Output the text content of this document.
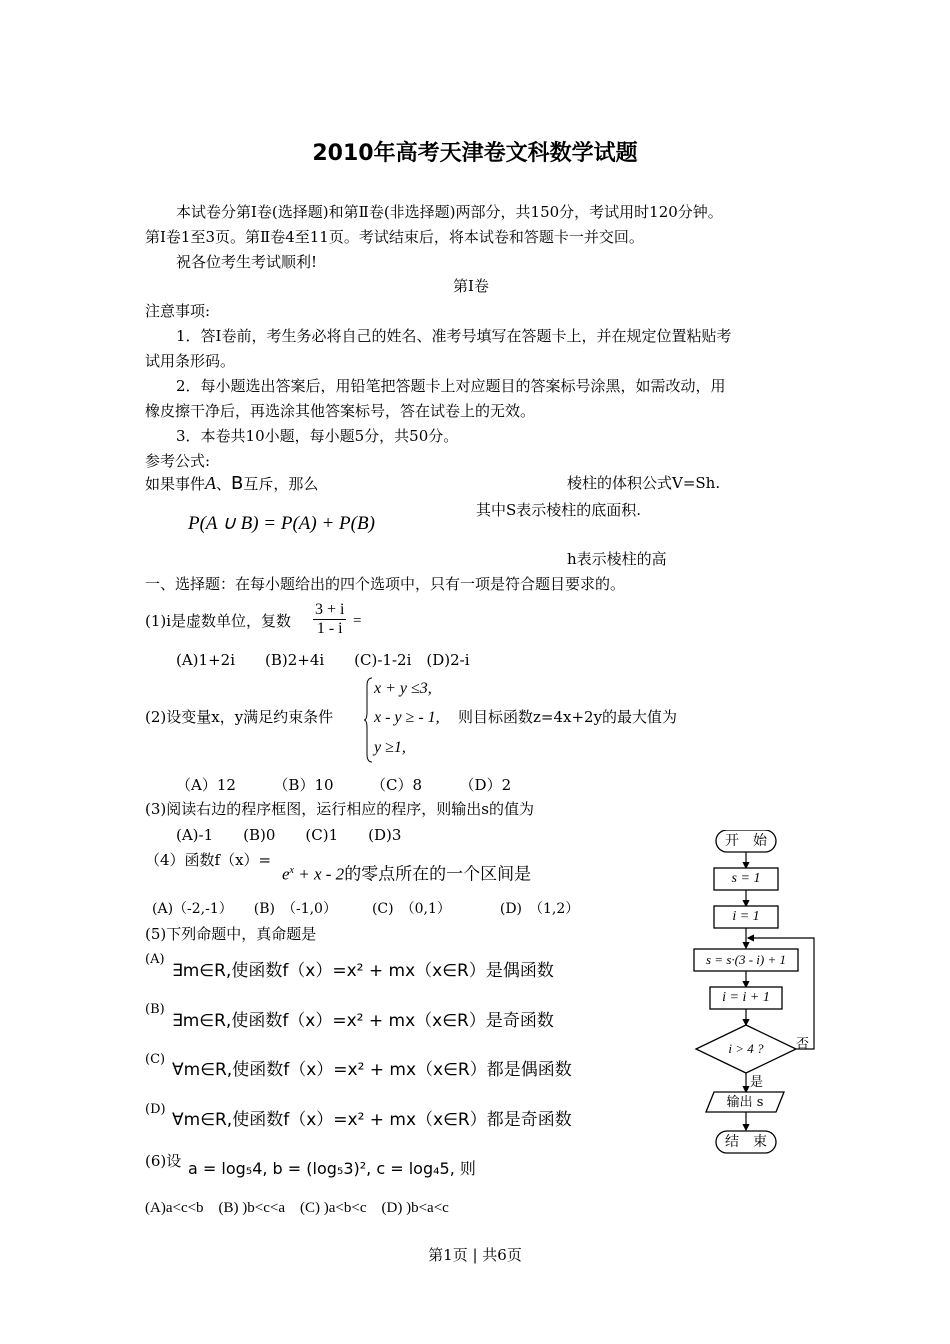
2010年高考天津卷文科数学试题
本试卷分第Ⅰ卷(选择题)和第Ⅱ卷(非选择题)两部分，共150分，考试用时120分钟。
第Ⅰ卷1至3页。第Ⅱ卷4至11页。考试结束后，将本试卷和答题卡一并交回。
祝各位考生考试顺利!
第Ⅰ卷
注意事项:
1．答Ⅰ卷前，考生务必将自己的姓名、准考号填写在答题卡上，并在规定位置粘贴考
试用条形码。
2．每小题选出答案后，用铅笔把答题卡上对应题目的答案标号涂黑，如需改动，用
橡皮擦干净后，再选涂其他答案标号，答在试卷上的无效。
3．本卷共10小题，每小题5分，共50分。
参考公式:
如果事件A、B互斥，那么
P(A ∪ B) = P(A) + P(B)
棱柱的体积公式V=Sh.
其中S表示棱柱的底面积.
h表示棱柱的高
一、选择题：在每小题给出的四个选项中，只有一项是符合题目要求的。
(1)i是虚数单位，复数 $\frac{3 + i}{1 - i}$ =
(A)1+2i　　(B)2+4i　　(C)-1-2i　(D)2-i
(2)设变量x，y满足约束条件
x + y ≤3,
x - y ≥ - 1,
y ≥1,
则目标函数z=4x+2y的最大值为
（A）12　　　（B）10　　　（C）8　　　（D）2
(3)阅读右边的程序框图，运行相应的程序，则输出s的值为
(A)-1　　(B)0　　(C)1　　(D)3
（4）函数f（x）=
$e^x + x - 2$的零点所在的一个区间是
(A)（-2,-1）　　(B)　（-1,0）　　　(C)　（0,1）　　　　(D)　（1,2）
(5)下列命题中，真命题是
(A)
∃m∈R,使函数f（x）=x² + mx（x∈R）是偶函数
(B)
∃m∈R,使函数f（x）=x² + mx（x∈R）是奇函数
(C)
∀m∈R,使函数f（x）=x² + mx（x∈R）都是偶函数
(D)
∀m∈R,使函数f（x）=x² + mx（x∈R）都是奇函数
(6)设 a = log₅4, b = (log₅3)², c = log₄5, 则
(A)a<c<b　(B) )b<c<a　(C) )a<b<c　(D) )b<a<c
开　始
s = 1
i = 1
s = s·(3 - i) + 1
i = i + 1
i > 4 ?	否
是
输出 s
结　束
第1页 | 共6页
